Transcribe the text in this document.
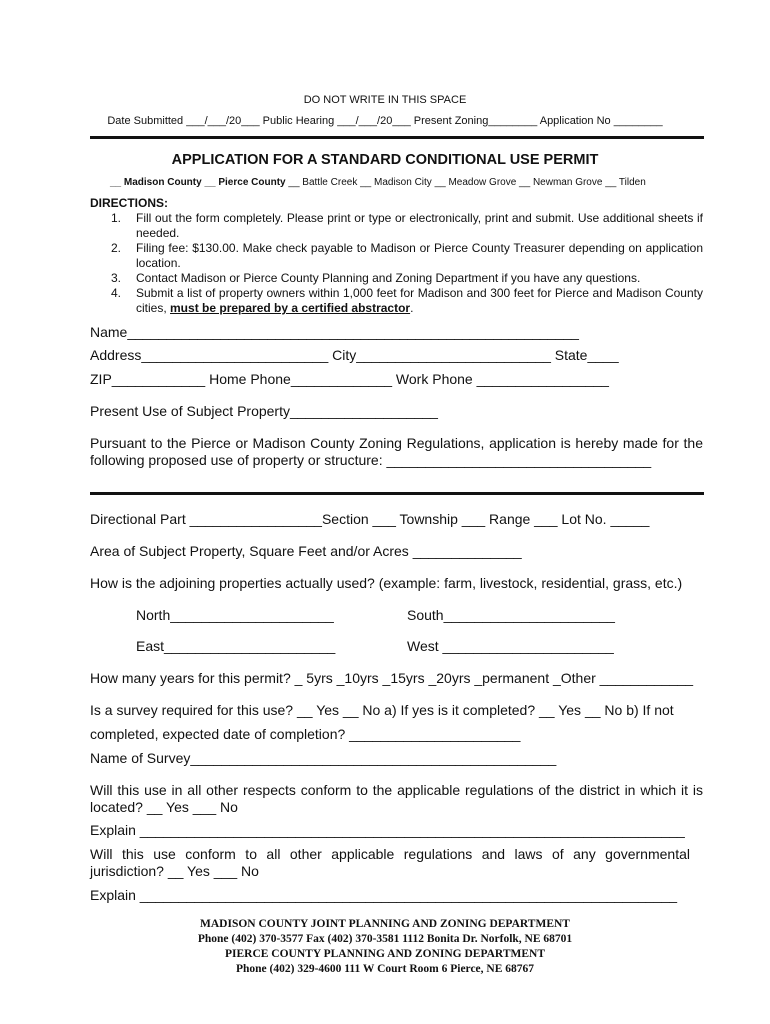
DO NOT WRITE IN THIS SPACE
Date Submitted ___/___/20___ Public Hearing ___/___/20___ Present Zoning________ Application No ________
APPLICATION FOR A STANDARD CONDITIONAL USE PERMIT
__ Madison County __ Pierce County __ Battle Creek __ Madison City __ Meadow Grove __ Newman Grove __ Tilden
DIRECTIONS:
1.	Fill out the form completely. Please print or type or electronically, print and submit. Use additional sheets if needed.
2.	Filing fee: $130.00. Make check payable to Madison or Pierce County Treasurer depending on application location.
3.	Contact Madison or Pierce County Planning and Zoning Department if you have any questions.
4.	Submit a list of property owners within 1,000 feet for Madison and 300 feet for Pierce and Madison County cities, must be prepared by a certified abstractor.
Name__________________________________________________________
Address________________________ City_________________________ State____
ZIP____________ Home Phone_____________ Work Phone _________________
Present Use of Subject Property___________________
Pursuant to the Pierce or Madison County Zoning Regulations, application is hereby made for the following proposed use of property or structure: __________________________________
Directional Part _________________Section ___ Township ___ Range ___ Lot No. _____
Area of Subject Property, Square Feet and/or Acres ______________
How is the adjoining properties actually used? (example: farm, livestock, residential, grass, etc.)
North_____________________	South______________________
East______________________	West ______________________
How many years for this permit? _ 5yrs _10yrs _15yrs _20yrs _permanent _Other ____________
Is a survey required for this use? __ Yes __ No a) If yes is it completed? __ Yes __ No b) If not
completed, expected date of completion? ______________________
Name of Survey_______________________________________________
Will this use in all other respects conform to the applicable regulations of the district in which it is located? __ Yes ___ No
Explain ______________________________________________________________________
Will this use conform to all other applicable regulations and laws of any governmental jurisdiction? __ Yes ___ No
Explain _____________________________________________________________________
MADISON COUNTY JOINT PLANNING AND ZONING DEPARTMENT
Phone (402) 370-3577 Fax (402) 370-3581 1112 Bonita Dr. Norfolk, NE 68701
PIERCE COUNTY PLANNING AND ZONING DEPARTMENT
Phone (402) 329-4600 111 W Court Room 6 Pierce, NE 68767
